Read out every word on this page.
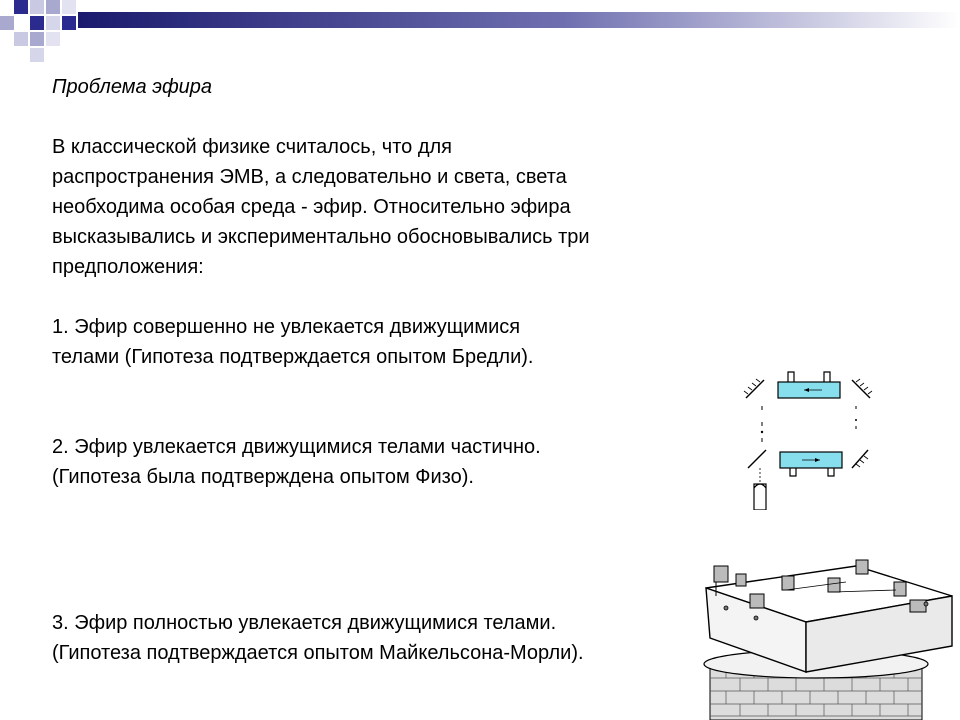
Проблема эфира

В классической физике считалось, что для
распространения ЭМВ, а следовательно и света, света
необходима особая среда - эфир. Относительно эфира
высказывались и экспериментально обосновывались три
предположения:

1. Эфир совершенно не увлекается движущимися
телами (Гипотеза подтверждается опытом Бредли).

2. Эфир увлекается движущимися телами частично.
(Гипотеза была подтверждена опытом Физо).

3. Эфир полностью увлекается движущимися телами.
(Гипотеза подтверждается опытом Майкельсона-Морли).
